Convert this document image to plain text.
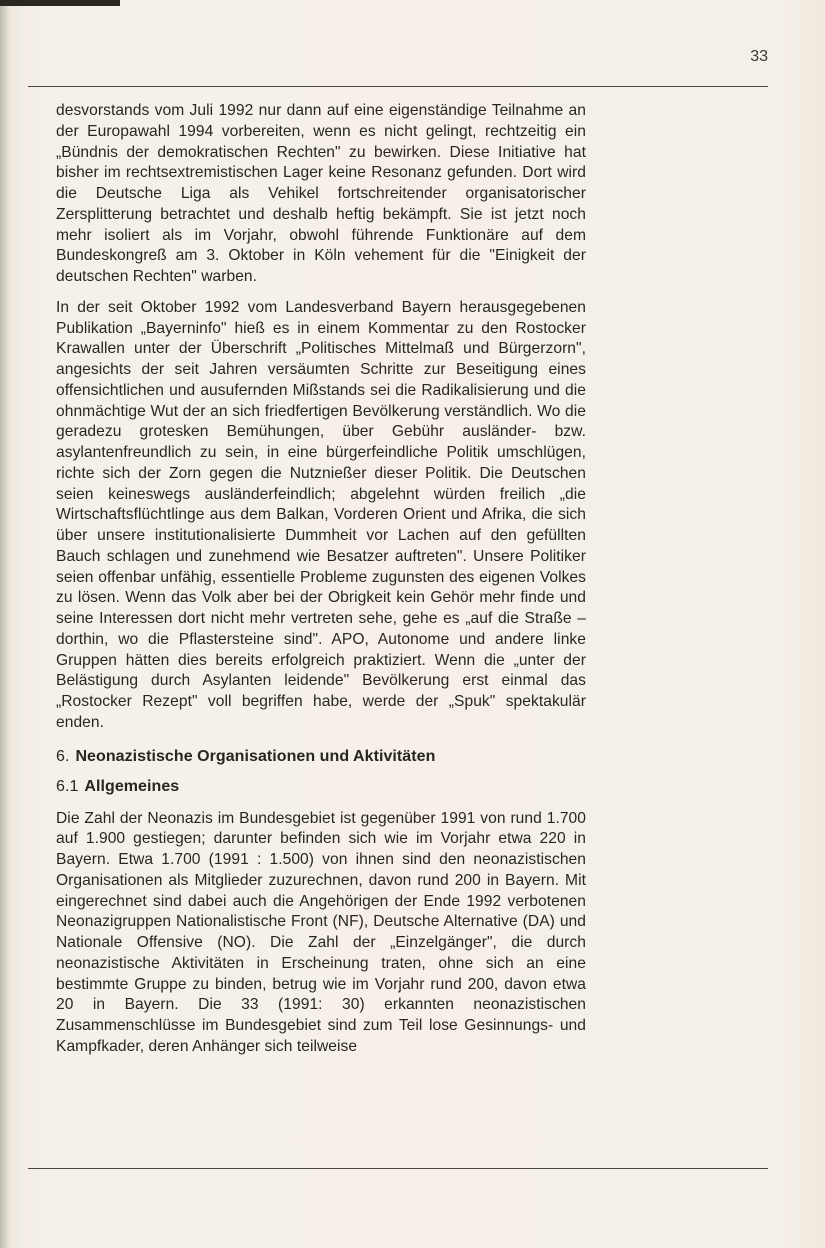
33

desvorstands vom Juli 1992 nur dann auf eine eigenständige Teilnahme an der Europawahl 1994 vorbereiten, wenn es nicht gelingt, rechtzeitig ein „Bündnis der demokratischen Rechten" zu bewirken. Diese Initiative hat bisher im rechtsextremistischen Lager keine Resonanz gefunden. Dort wird die Deutsche Liga als Vehikel fortschreitender organisatorischer Zersplitterung betrachtet und deshalb heftig bekämpft. Sie ist jetzt noch mehr isoliert als im Vorjahr, obwohl führende Funktionäre auf dem Bundeskongreß am 3. Oktober in Köln vehement für die "Einigkeit der deutschen Rechten" warben.

In der seit Oktober 1992 vom Landesverband Bayern herausgegebenen Publikation „Bayerninfo" hieß es in einem Kommentar zu den Rostocker Krawallen unter der Überschrift „Politisches Mittelmaß und Bürgerzorn", angesichts der seit Jahren versäumten Schritte zur Beseitigung eines offensichtlichen und ausufernden Mißstands sei die Radikalisierung und die ohnmächtige Wut der an sich friedfertigen Bevölkerung verständlich. Wo die geradezu grotesken Bemühungen, über Gebühr ausländer- bzw. asylantenfreundlich zu sein, in eine bürgerfeindliche Politik umschlügen, richte sich der Zorn gegen die Nutznießer dieser Politik. Die Deutschen seien keineswegs ausländerfeindlich; abgelehnt würden freilich „die Wirtschaftsflüchtlinge aus dem Balkan, Vorderen Orient und Afrika, die sich über unsere institutionalisierte Dummheit vor Lachen auf den gefüllten Bauch schlagen und zunehmend wie Besatzer auftreten". Unsere Politiker seien offenbar unfähig, essentielle Probleme zugunsten des eigenen Volkes zu lösen. Wenn das Volk aber bei der Obrigkeit kein Gehör mehr finde und seine Interessen dort nicht mehr vertreten sehe, gehe es „auf die Straße – dorthin, wo die Pflastersteine sind". APO, Autonome und andere linke Gruppen hätten dies bereits erfolgreich praktiziert. Wenn die „unter der Belästigung durch Asylanten leidende" Bevölkerung erst einmal das „Rostocker Rezept" voll begriffen habe, werde der „Spuk" spektakulär enden.

6. Neonazistische Organisationen und Aktivitäten
6.1 Allgemeines

Die Zahl der Neonazis im Bundesgebiet ist gegenüber 1991 von rund 1.700 auf 1.900 gestiegen; darunter befinden sich wie im Vorjahr etwa 220 in Bayern. Etwa 1.700 (1991 : 1.500) von ihnen sind den neonazistischen Organisationen als Mitglieder zuzurechnen, davon rund 200 in Bayern. Mit eingerechnet sind dabei auch die Angehörigen der Ende 1992 verbotenen Neonazigruppen Nationalistische Front (NF), Deutsche Alternative (DA) und Nationale Offensive (NO). Die Zahl der „Einzelgänger", die durch neonazistische Aktivitäten in Erscheinung traten, ohne sich an eine bestimmte Gruppe zu binden, betrug wie im Vorjahr rund 200, davon etwa 20 in Bayern. Die 33 (1991: 30) erkannten neonazistischen Zusammenschlüsse im Bundesgebiet sind zum Teil lose Gesinnungs- und Kampfkader, deren Anhänger sich teilweise
